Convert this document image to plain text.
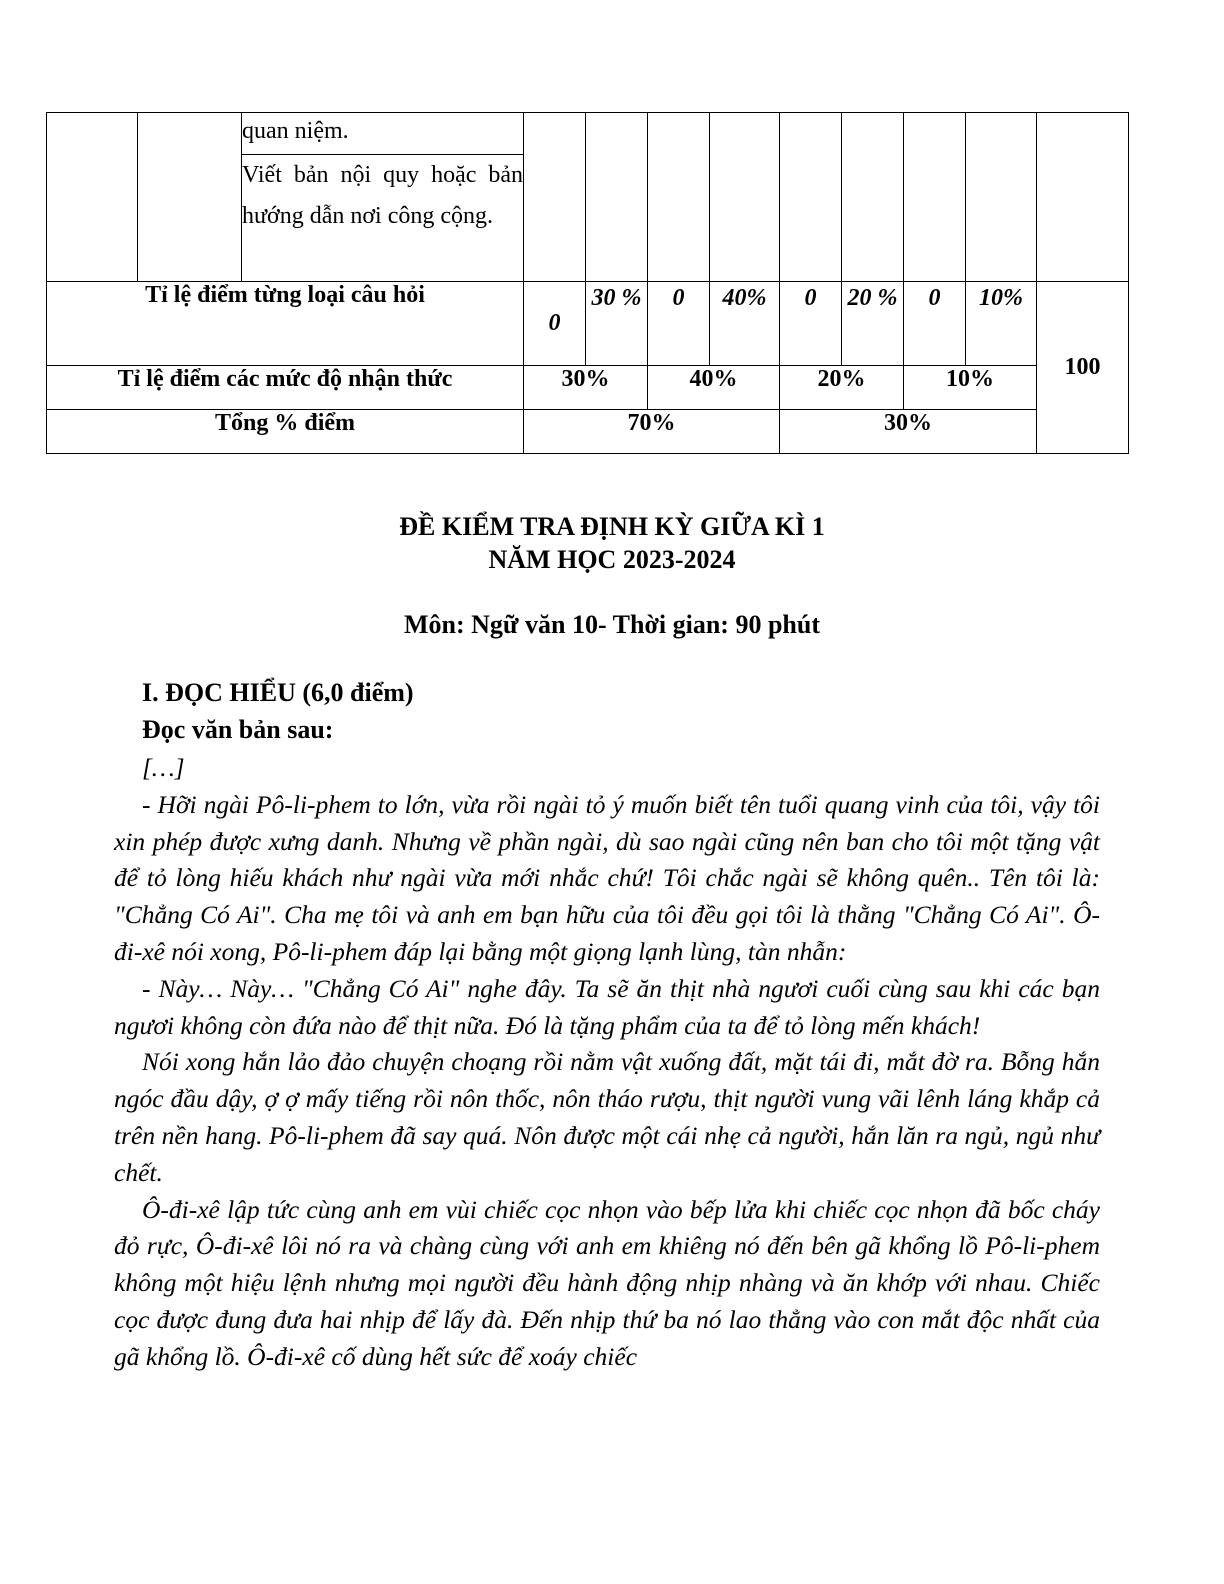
		quan niệm.									
		Viết bản nội quy hoặc bản hướng dẫn nơi công cộng.									
Tỉ lệ điểm từng loại câu hỏi			0	30 %	0	40%	0	20 %	0	10%	100
Tỉ lệ điểm các mức độ nhận thức			30%		40%		20%		10%		
Tổng % điểm			70%				30%				
ĐỀ KIỂM TRA ĐỊNH KỲ GIỮA KÌ 1
NĂM HỌC 2023-2024
Môn: Ngữ văn 10- Thời gian: 90 phút
I. ĐỌC HIỂU (6,0 điểm)
Đọc văn bản sau:

[…]

- Hỡi ngài Pô-li-phem to lớn, vừa rồi ngài tỏ ý muốn biết tên tuổi quang vinh của tôi, vậy tôi xin phép được xưng danh. Nhưng về phần ngài, dù sao ngài cũng nên ban cho tôi một tặng vật để tỏ lòng hiếu khách như ngài vừa mới nhắc chứ! Tôi chắc ngài sẽ không quên.. Tên tôi là: "Chẳng Có Ai". Cha mẹ tôi và anh em bạn hữu của tôi đều gọi tôi là thằng "Chẳng Có Ai". Ô-đi-xê nói xong, Pô-li-phem đáp lại bằng một giọng lạnh lùng, tàn nhẫn:

- Này… Này… "Chẳng Có Ai" nghe đây. Ta sẽ ăn thịt nhà ngươi cuối cùng sau khi các bạn ngươi không còn đứa nào để thịt nữa. Đó là tặng phẩm của ta để tỏ lòng mến khách!

Nói xong hắn lảo đảo chuyện choạng rồi nằm vật xuống đất, mặt tái đi, mắt đờ ra. Bỗng hắn ngóc đầu dậy, ợ ợ mấy tiếng rồi nôn thốc, nôn tháo rượu, thịt người vung vãi lênh láng khắp cả trên nền hang. Pô-li-phem đã say quá. Nôn được một cái nhẹ cả người, hắn lăn ra ngủ, ngủ như chết.

Ô-đi-xê lập tức cùng anh em vùi chiếc cọc nhọn vào bếp lửa khi chiếc cọc nhọn đã bốc cháy đỏ rực, Ô-đi-xê lôi nó ra và chàng cùng với anh em khiêng nó đến bên gã khổng lồ Pô-li-phem không một hiệu lệnh nhưng mọi người đều hành động nhịp nhàng và ăn khớp với nhau. Chiếc cọc được đung đưa hai nhịp để lấy đà. Đến nhịp thứ ba nó lao thẳng vào con mắt độc nhất của gã khổng lồ. Ô-đi-xê cố dùng hết sức để xoáy chiếc
